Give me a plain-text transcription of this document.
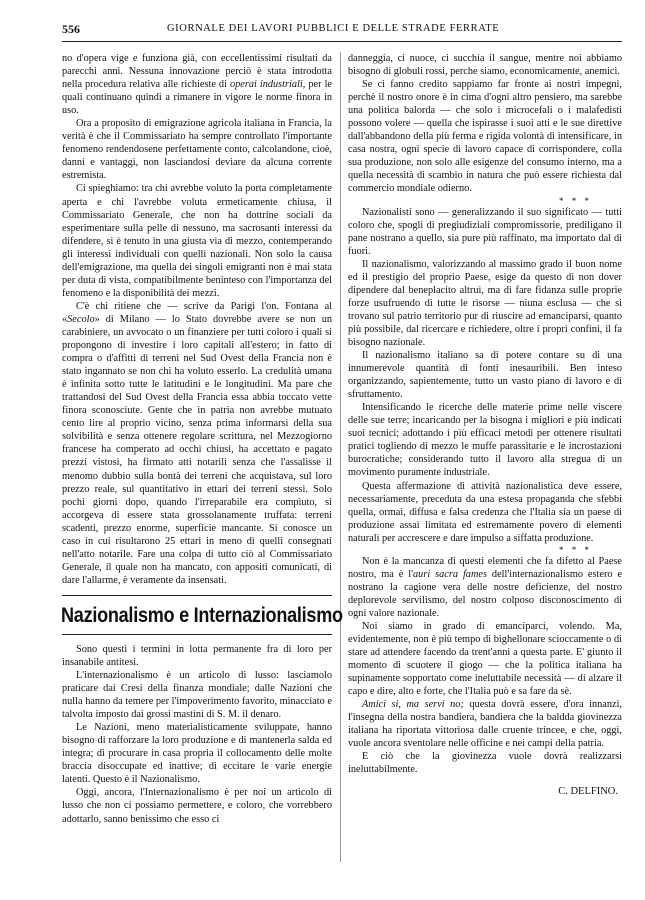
556	GIORNALE DEI LAVORI PUBBLICI E DELLE STRADE FERRATE

no d'opera vige e funziona già, con eccellentissimi risultati da parecchi anni. Nessuna innovazione perciò è stata introdotta nella procedura relativa alle richieste di operai industriali, per le quali continuano quindi a rimanere in vigore le norme finora in uso.

Ora a proposito di emigrazione agricola italiana in Francia, la verità è che il Commissariato ha sempre controllato l'importante fenomeno rendendosene perfettamente conto, calcolandone, cioè, danni e vantaggi, non lasciandosi deviare da alcuna corrente estremista.

Ci spieghiamo: tra chi avrebbe voluto la porta completamente aperta e chi l'avrebbe voluta ermeticamente chiusa, il Commissariato Generale, che non ha dottrine sociali da esperimentare sulla pelle di nessuno, ma sacrosanti interessi da difendere, si è tenuto in una giusta via di mezzo, contemperando gli interessi individuali con quelli nazionali. Non solo la causa dell'emigrazione, ma quella dei singoli emigranti non è mai stata per duta di vista, compatibilmente beninteso con l'importanza del fenomeno e la disponibilità dei mezzi.

C'è chi ritiene che — scrive da Parigi l'on. Fontana al «Secolo» di Milano — lo Stato dovrebbe avere se non un carabiniere, un avvocato o un finanziere per tutti coloro i quali si propongono di investire i loro capitali all'estero; in fatto di compra o d'affitti di terreni nel Sud Ovest della Francia non è stato ingannato se non chi ha voluto esserlo. La credulità umana è infinita sotto tutte le latitudini e le longitudini. Ma pare che trattandosi del Sud Ovest della Francia essa abbia toccato vette finora sconosciute. Gente che in patria non avrebbe mutuato cento lire al proprio vicino, senza prima informarsi della sua solvibilità e senza ottenere regolare scrittura, nel Mezzogiorno francese ha comperato ad occhi chiusi, ha accettato e pagato prezzi vistosi, ha firmato atti notarili senza che l'assalisse il menomo dubbio sulla bontà dei terreni che acquistava, sul loro prezzo reale, sul quantitativo in ettari dei terreni stessi. Solo pochi giorni dopo, quando l'irreparabile era compiuto, si accorgeva di essere stata grossolanamente truffata: terreni scadenti, prezzo enorme, superficie mancante. Si conosce un caso in cui risultarono 25 ettari in meno di quelli consegnati nell'atto notarile. Fare una colpa di tutto ciò al Commissariato Generale, il quale non ha mancato, con appositi comunicati, di dare l'allarme, è veramente da insensati.

Nazionalismo e Internazionalismo

Sono questi i termini in lotta permanente fra di loro per insanabile antitesi.

L'internazionalismo è un articolo di lusso: lasciamolo praticare dai Cresi della finanza mondiale; dalle Nazioni che nulla hanno da temere per l'impoverimento favorito, minacciato e talvolta imposto dai grossi mastini di S. M. il denaro.

Le Nazioni, meno materialisticamente sviluppate, hanno bisogno di rafforzare la loro produzione e di mantenerla salda ed integra; di procurare in casa propria il collocamento delle molte braccia disoccupate ed inattive; di eccitare le varie energie latenti. Questo è il Nazionalismo.

Oggi, ancora, l'Internazionalismo è per noi un articolo di lusso che non ci possiamo permettere, e coloro, che vorrebbero adottarlo, sanno benissimo che esso ci

danneggia, ci nuoce, ci succhia il sangue, mentre noi abbiamo bisogno di globuli rossi, perche siamo, economicamente, anemici.

Se ci fanno credito sappiamo far fronte ai nostri impegni, perchè il nostro onore è in cima d'ogni altro pensiero, ma sarebbe una politica balorda — che solo i microcefali o i malafedisti possono volere — quella che ispirasse i suoi atti e le sue direttive dall'abbandono della più ferma e rigida volontà di intensificare, in casa nostra, ogni specie di lavoro capace di corrispondere, colla sua produzione, non solo alle esigenze del consumo interno, ma a quella necessità di scambio in natura che può essere richiesta dal commercio mondiale odierno.

* * *

Nazionalisti sono — generalizzando il suo significato — tutti coloro che, spogli di pregiudiziali compromissorie, prediligano il pane nostrano a quello, sia pure più raffinato, ma importato dal di fuori.

Il nazionalismo, valorizzando al massimo grado il buon nome ed il prestigio del proprio Paese, esige da questo di non dover dipendere dal beneplacito altrui, ma di fare fidanza sulle proprie forze usufruendo di tutte le risorse — niuna esclusa — che si trovano sul patrio territorio pur di riuscire ad emanciparsi, quanto più possibile, dal ricercare e richiedere, oltre i propri confini, il fa bisogno nazionale.

Il nazionalismo italiano sa di potere contare su di una innumerevole quantità di fonti inesauribili. Ben inteso organizzando, sapientemente, tutto un vasto piano di lavoro e di sfruttamento.

Intensificando le ricerche delle materie prime nelle viscere delle sue terre; incaricando per la bisogna i migliori e più indicati suoi tecnici; adottando i più efficaci metodi per ottenere risultati pratici togliendo di mezzo le muffe parassitarie e le incrostazioni burocratiche; considerando tutto il lavoro alla stregua di un movimento puramente industriale.

Questa affermazione di attività nazionalistica deve essere, necessariamente, preceduta da una estesa propaganda che sfebbi quella, ormai, diffusa e falsa credenza che l'Italia sia un paese di produzione assai limitata ed estremamente povero di elementi naturali per accrescere e dare impulso a siffatta produzione.

* * *

Non è la mancanza di questi elementi che fa difetto al Paese nostro, ma è l'auri sacra fames dell'internazionalismo estero e nostrano la cagione vera delle nostre deficienze, del nostro deplorevole servilismo, del nostro colposo disconoscimento di ogni valore nazionale.

Noi siamo in grado di emanciparci, volendo. Ma, evidentemente, non è più tempo di bighellonare scioccamente o di stare ad attendere facendo da trent'anni a questa parte. E' giunto il momento di scuotere il giogo — che la politica italiana ha supinamente sopportato come ineluttabile necessità — di alzare il capo e dire, alto e forte, che l'Italia può e sa fare da sè.

Amici si, ma servi no; questa dovrà essere, d'ora innanzi, l'insegna della nostra bandiera, bandiera che la baldda giovinezza italiana ha riportata vittoriosa dalle cruente trincee, e che, oggi, vuole ancora sventolare nelle officine e nei campi della patria.

E ciò che la giovinezza vuole dovrà realizzarsi ineluttabilmente.

C. DELFINO.
